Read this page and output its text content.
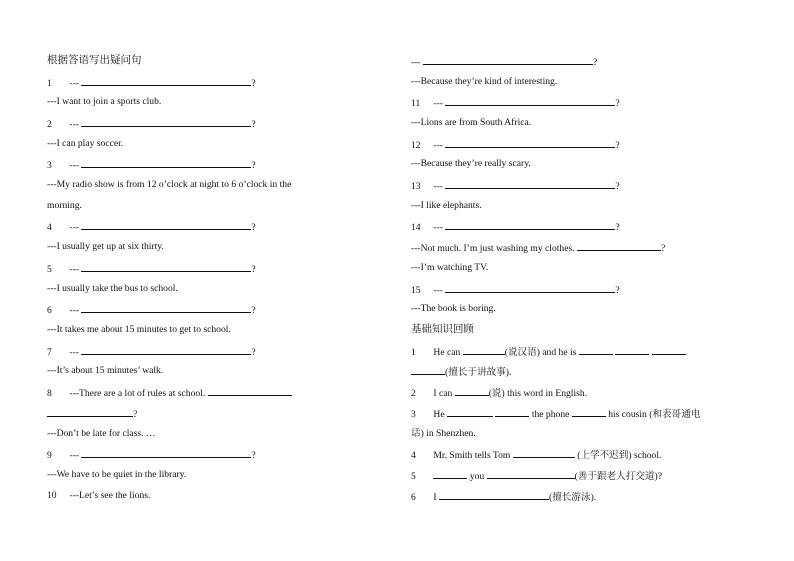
根据答语写出疑问句
1 ---	?
---I want to join a sports club.
2 ---	?
---I can play soccer.
3 ---	?
---My radio show is from 12 o’clock at night to 6 o’clock in the
morning.
4 ---	?
---I usually get up at six thirty.
5 ---	?
---I usually take the bus to school.
6 ---	?
---It takes me about 15 minutes to get to school.
7 ---	?
---It’s about 15 minutes’ walk.
8 ---There are a lot of rules at school.
?
---Don’t be late for class. …
9 ---	?
---We have to be quiet in the library.
10 ---Let’s see the lions.
---	?
---Because they’re kind of interesting.
11 ---	?
---Lions are from South Africa.
12 ---	?
---Because they’re really scary.
13 ---	?
---I like elephants.
14 ---	?
---Not much. I’m just washing my clothes.	?
---I’m watching TV.
15 ---	?
---The book is boring.
基础知识回顾
1 He can	(说汉语) and he is
(擅长于讲故事).
2 I can	(说) this word in English.
3 He	the phone	his cousin (和表哥通电
话) in Shenzhen.
4 Mr. Smith tells Tom	(上学不迟到) school.
5	you	(善于跟老人打交道)?
6 I	(擅长游泳).
